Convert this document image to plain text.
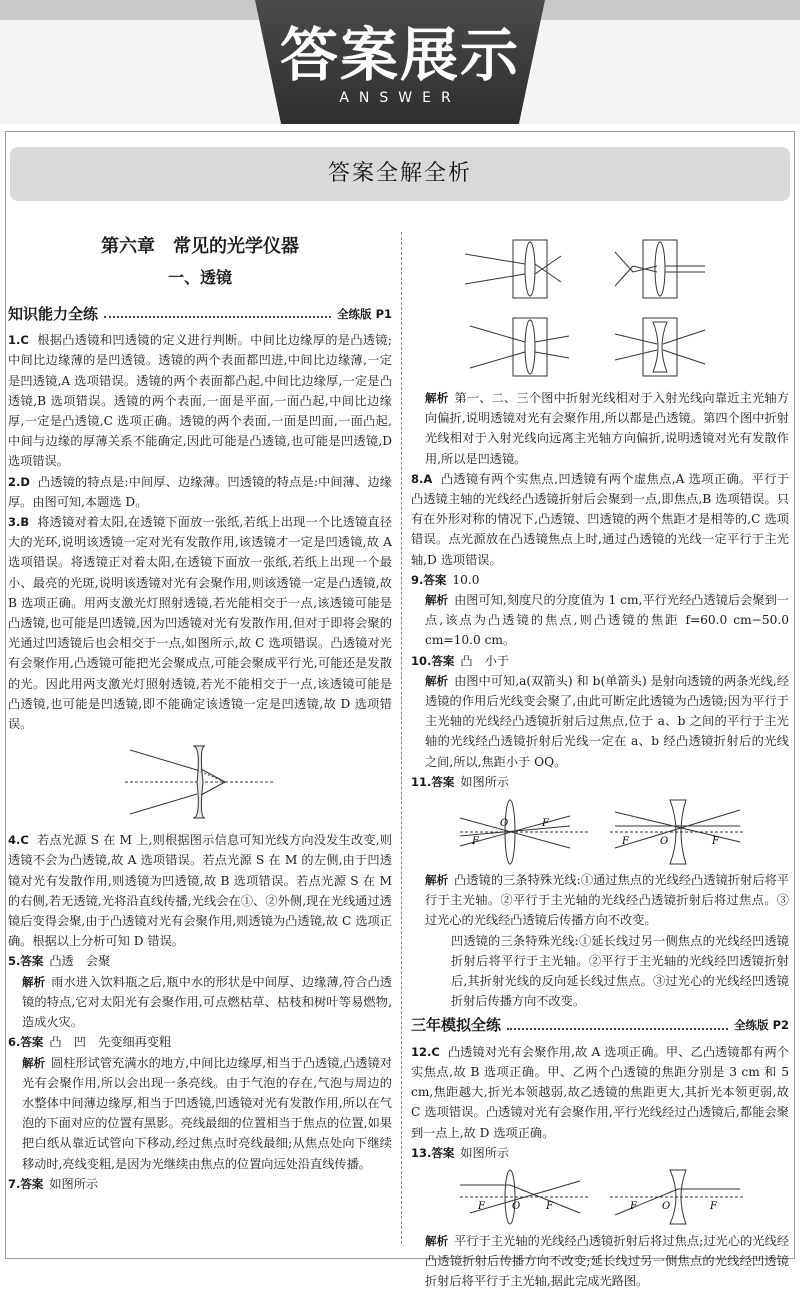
答案展示
ANSWER
答案全解全析
第六章　常见的光学仪器
一、透镜
知识能力全练	全练版 P1
1.C 根据凸透镜和凹透镜的定义进行判断。中间比边缘厚的是凸透镜;中间比边缘薄的是凹透镜。透镜的两个表面都凹进,中间比边缘薄,一定是凹透镜,A 选项错误。透镜的两个表面都凸起,中间比边缘厚,一定是凸透镜,B 选项错误。透镜的两个表面,一面是平面,一面凸起,中间比边缘厚,一定是凸透镜,C 选项正确。透镜的两个表面,一面是凹面,一面凸起,中间与边缘的厚薄关系不能确定,因此可能是凸透镜,也可能是凹透镜,D 选项错误。
2.D 凸透镜的特点是:中间厚、边缘薄。凹透镜的特点是:中间薄、边缘厚。由图可知,本题选 D。
3.B 将透镜对着太阳,在透镜下面放一张纸,若纸上出现一个比透镜直径大的光环,说明该透镜一定对光有发散作用,该透镜才一定是凹透镜,故 A 选项错误。将透镜正对着太阳,在透镜下面放一张纸,若纸上出现一个最小、最亮的光斑,说明该透镜对光有会聚作用,则该透镜一定是凸透镜,故 B 选项正确。用两支激光灯照射透镜,若光能相交于一点,该透镜可能是凸透镜,也可能是凹透镜,因为凹透镜对光有发散作用,但对于即将会聚的光通过凹透镜后也会相交于一点,如图所示,故 C 选项错误。凸透镜对光有会聚作用,凸透镜可能把光会聚成点,可能会聚成平行光,可能还是发散的光。因此用两支激光灯照射透镜,若光不能相交于一点,该透镜可能是凸透镜,也可能是凹透镜,即不能确定该透镜一定是凹透镜,故 D 选项错误。
4.C 若点光源 S 在 M 上,则根据图示信息可知光线方向没发生改变,则透镜不会为凸透镜,故 A 选项错误。若点光源 S 在 M 的左侧,由于凹透镜对光有发散作用,则透镜为凹透镜,故 B 选项错误。若点光源 S 在 M 的右侧,若无透镜,光将沿直线传播,光线会在①、②外侧,现在光线通过透镜后变得会聚,由于凸透镜对光有会聚作用,则透镜为凸透镜,故 C 选项正确。根据以上分析可知 D 错误。
5.答案 凸透　会聚
解析 雨水进入饮料瓶之后,瓶中水的形状是中间厚、边缘薄,符合凸透镜的特点,它对太阳光有会聚作用,可点燃枯草、枯枝和树叶等易燃物,造成火灾。
6.答案 凸　凹　先变细再变粗
解析 圆柱形试管充满水的地方,中间比边缘厚,相当于凸透镜,凸透镜对光有会聚作用,所以会出现一条亮线。由于气泡的存在,气泡与周边的水整体中间薄边缘厚,相当于凹透镜,凹透镜对光有发散作用,所以在气泡的下面对应的位置有黑影。亮线最细的位置相当于焦点的位置,如果把白纸从靠近试管向下移动,经过焦点时亮线最细;从焦点处向下继续移动时,亮线变粗,是因为光继续由焦点的位置向远处沿直线传播。
7.答案 如图所示
解析 第一、二、三个图中折射光线相对于入射光线向靠近主光轴方向偏折,说明透镜对光有会聚作用,所以都是凸透镜。第四个图中折射光线相对于入射光线向远离主光轴方向偏折,说明透镜对光有发散作用,所以是凹透镜。
8.A 凸透镜有两个实焦点,凹透镜有两个虚焦点,A 选项正确。平行于凸透镜主轴的光线经凸透镜折射后会聚到一点,即焦点,B 选项错误。只有在外形对称的情况下,凸透镜、凹透镜的两个焦距才是相等的,C 选项错误。点光源放在凸透镜焦点上时,通过凸透镜的光线一定平行于主光轴,D 选项错误。
9.答案 10.0
解析 由图可知,刻度尺的分度值为 1 cm,平行光经凸透镜后会聚到一点,该点为凸透镜的焦点,则凸透镜的焦距 f=60.0 cm−50.0 cm=10.0 cm。
10.答案 凸　小于
解析 由图中可知,a(双箭头) 和 b(单箭头) 是射向透镜的两条光线,经透镜的作用后光线变会聚了,由此可断定此透镜为凸透镜;因为平行于主光轴的光线经凸透镜折射后过焦点,位于 a、b 之间的平行于主光轴的光线经凸透镜折射后光线一定在 a、b 经凸透镜折射后的光线之间,所以,焦距小于 OQ。
11.答案 如图所示
F
O	F
F	O	F
解析 凸透镜的三条特殊光线:①通过焦点的光线经凸透镜折射后将平行于主光轴。②平行于主光轴的光线经凸透镜折射后将过焦点。③过光心的光线经凸透镜后传播方向不改变。
凹透镜的三条特殊光线:①延长线过另一侧焦点的光线经凹透镜折射后将平行于主光轴。②平行于主光轴的光线经凹透镜折射后,其折射光线的反向延长线过焦点。③过光心的光线经凹透镜折射后传播方向不改变。
三年模拟全练	全练版 P2
12.C 凸透镜对光有会聚作用,故 A 选项正确。甲、乙凸透镜都有两个实焦点,故 B 选项正确。甲、乙两个凸透镜的焦距分别是 3 cm 和 5 cm,焦距越大,折光本领越弱,故乙透镜的焦距更大,其折光本领更弱,故 C 选项错误。凸透镜对光有会聚作用,平行光线经过凸透镜后,都能会聚到一点上,故 D 选项正确。
13.答案 如图所示
F	O	F	F	O	F
解析 平行于主光轴的光线经凸透镜折射后将过焦点;过光心的光线经凸透镜折射后传播方向不改变;延长线过另一侧焦点的光线经凹透镜折射后将平行于主光轴,据此完成光路图。
